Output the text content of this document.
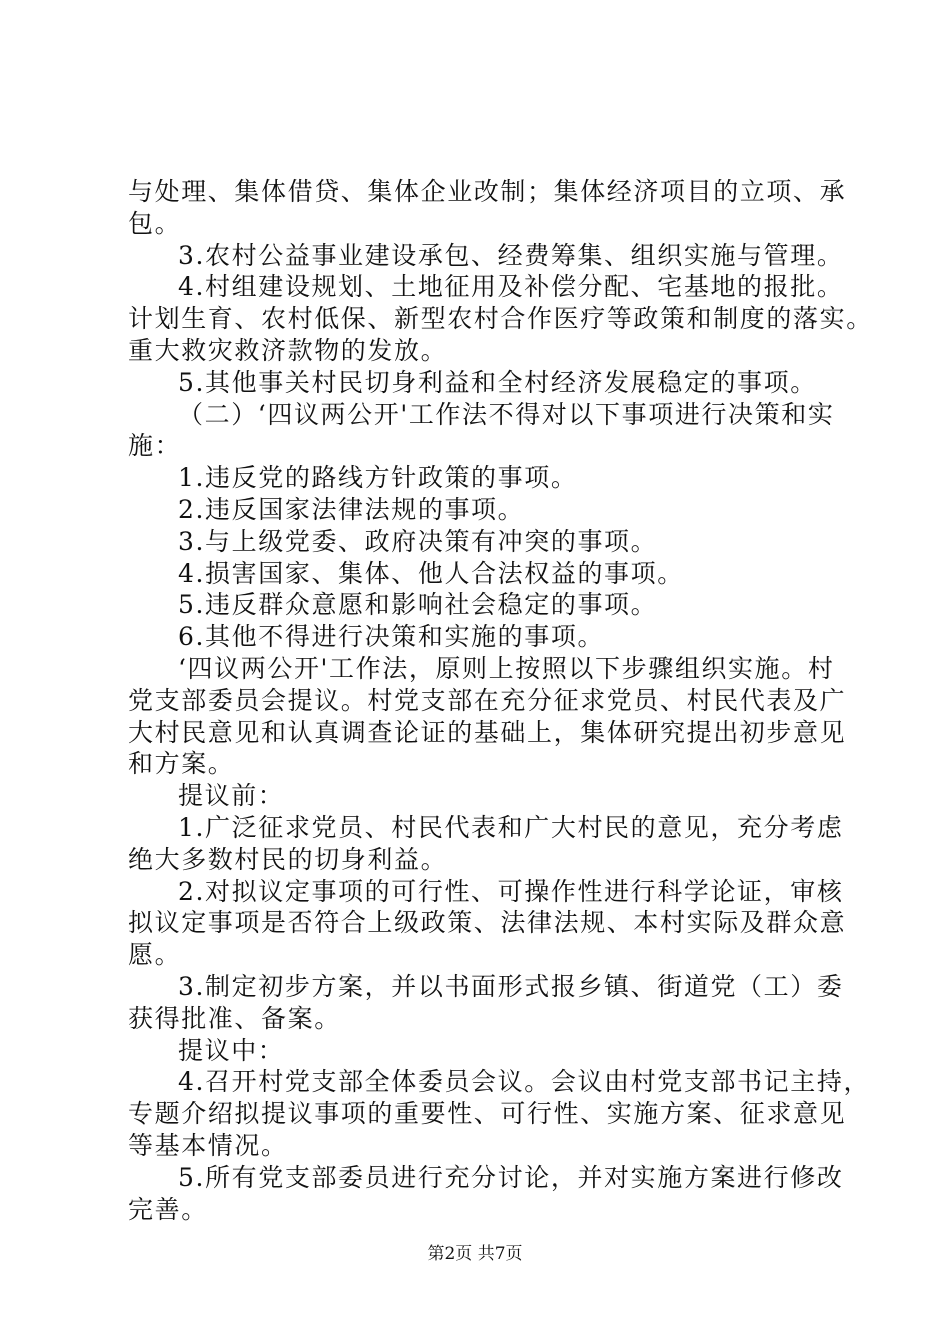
与处理、集体借贷、集体企业改制；集体经济项目的立项、承
包。
3.农村公益事业建设承包、经费筹集、组织实施与管理。
4.村组建设规划、土地征用及补偿分配、宅基地的报批。
计划生育、农村低保、新型农村合作医疗等政策和制度的落实。
重大救灾救济款物的发放。
5.其他事关村民切身利益和全村经济发展稳定的事项。
（二）‘四议两公开'工作法不得对以下事项进行决策和实
施：
1.违反党的路线方针政策的事项。
2.违反国家法律法规的事项。
3.与上级党委、政府决策有冲突的事项。
4.损害国家、集体、他人合法权益的事项。
5.违反群众意愿和影响社会稳定的事项。
6.其他不得进行决策和实施的事项。
‘四议两公开'工作法，原则上按照以下步骤组织实施。村
党支部委员会提议。村党支部在充分征求党员、村民代表及广
大村民意见和认真调查论证的基础上，集体研究提出初步意见
和方案。
提议前：
1.广泛征求党员、村民代表和广大村民的意见，充分考虑
绝大多数村民的切身利益。
2.对拟议定事项的可行性、可操作性进行科学论证，审核
拟议定事项是否符合上级政策、法律法规、本村实际及群众意
愿。
3.制定初步方案，并以书面形式报乡镇、街道党（工）委
获得批准、备案。
提议中：
4.召开村党支部全体委员会议。会议由村党支部书记主持，
专题介绍拟提议事项的重要性、可行性、实施方案、征求意见
等基本情况。
5.所有党支部委员进行充分讨论，并对实施方案进行修改
完善。
第2页 共7页
